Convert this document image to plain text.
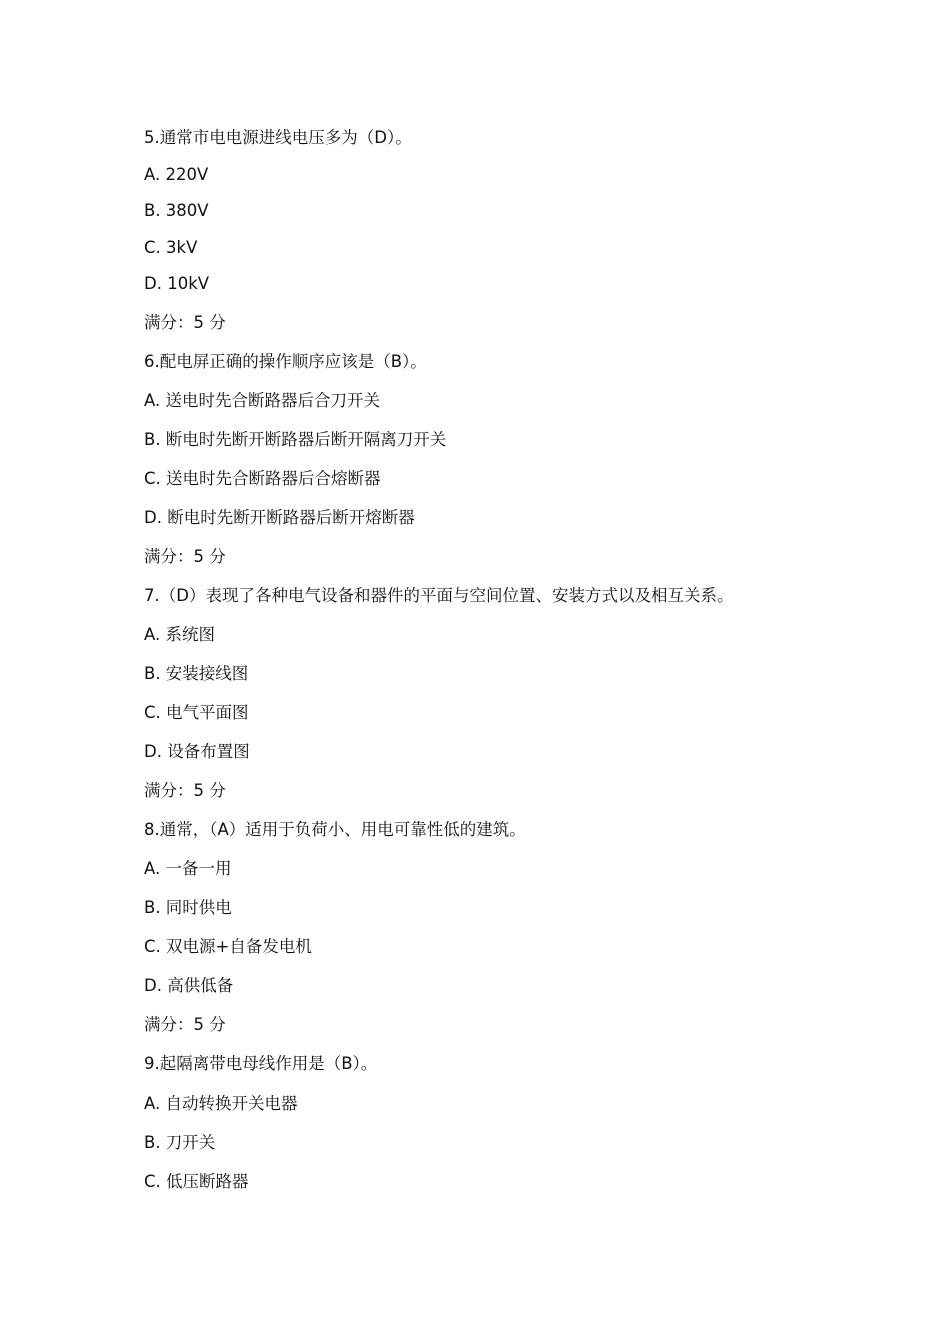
5.通常市电电源进线电压多为（D）。
A. 220V
B. 380V
C. 3kV
D. 10kV
满分：5 分
6.配电屏正确的操作顺序应该是（B）。
A. 送电时先合断路器后合刀开关
B. 断电时先断开断路器后断开隔离刀开关
C. 送电时先合断路器后合熔断器
D. 断电时先断开断路器后断开熔断器
满分：5 分
7.（D）表现了各种电气设备和器件的平面与空间位置、安装方式以及相互关系。
A. 系统图
B. 安装接线图
C. 电气平面图
D. 设备布置图
满分：5 分
8.通常，（A）适用于负荷小、用电可靠性低的建筑。
A. 一备一用
B. 同时供电
C. 双电源+自备发电机
D. 高供低备
满分：5 分
9.起隔离带电母线作用是（B）。
A. 自动转换开关电器
B. 刀开关
C. 低压断路器
